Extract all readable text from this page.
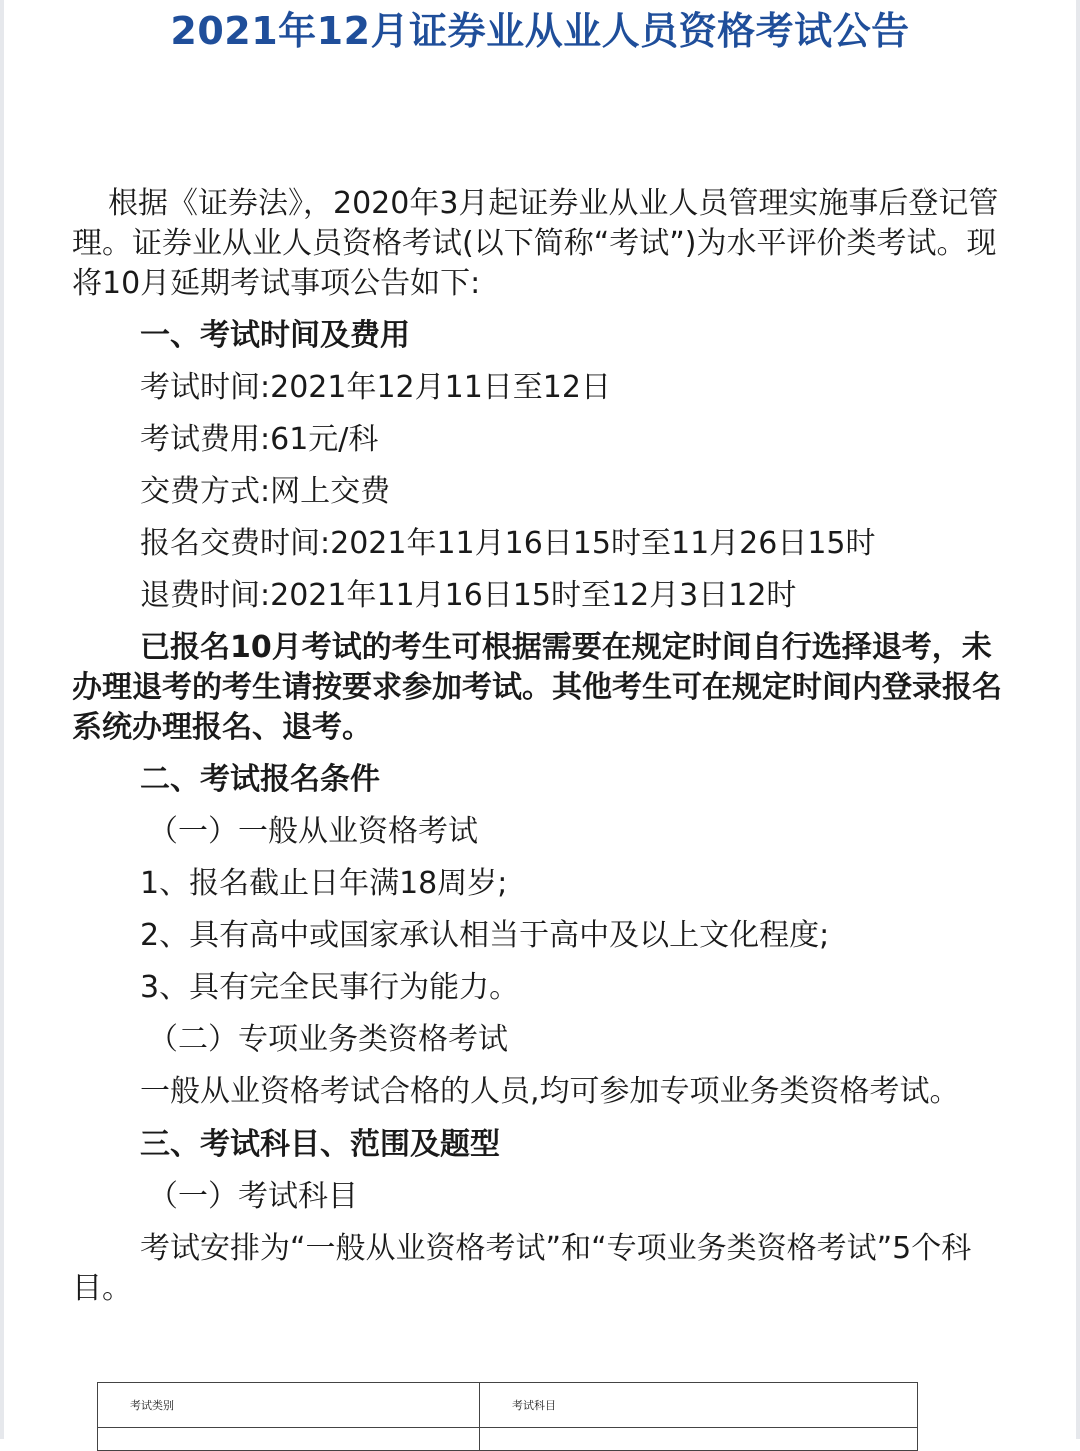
2021年12月证券业从业人员资格考试公告

根据《证券法》，2020年3月起证券业从业人员管理实施事后登记管理。证券业从业人员资格考试(以下简称“考试”)为水平评价类考试。现将10月延期考试事项公告如下:

一、考试时间及费用

考试时间:2021年12月11日至12日

考试费用:61元/科

交费方式:网上交费

报名交费时间:2021年11月16日15时至11月26日15时

退费时间:2021年11月16日15时至12月3日12时

已报名10月考试的考生可根据需要在规定时间自行选择退考，未办理退考的考生请按要求参加考试。其他考生可在规定时间内登录报名系统办理报名、退考。

二、考试报名条件

（一）一般从业资格考试

1、报名截止日年满18周岁;

2、具有高中或国家承认相当于高中及以上文化程度;

3、具有完全民事行为能力。

（二）专项业务类资格考试

一般从业资格考试合格的人员,均可参加专项业务类资格考试。

三、考试科目、范围及题型

（一）考试科目

考试安排为“一般从业资格考试”和“专项业务类资格考试”5个科目。

考试类别	考试科目
